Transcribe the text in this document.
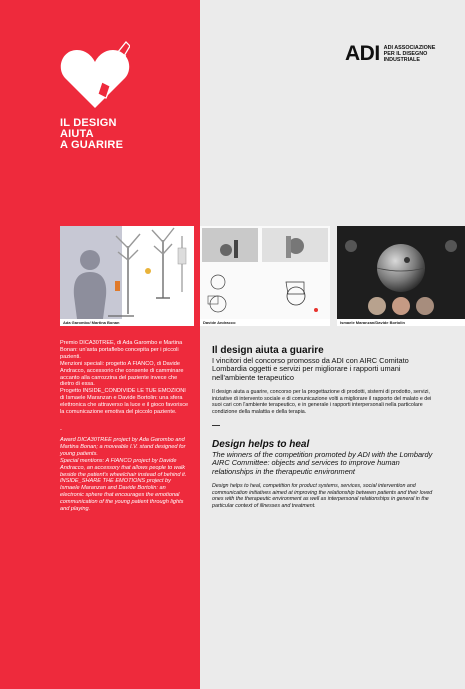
IL DESIGN
AIUTA
A GUARIRE
ADI ADI ASSOCIAZIONE
PER IL DISEGNO
INDUSTRIALE
Ada Garombo/ Martina Bonan	Davide Andracco	Ismaele Maranzan/Davide Bortolin

Premio DICA30TREE, di Ada Garombo e Martina Bonan: un'asta portaflebo concepita per i piccoli pazienti.

Menzioni speciali: progetto A FIANCO, di Davide Andracco, accessorio che consente di camminare accanto alla carrozzina del paziente invece che dietro di essa.

Progetto INSIDE_CONDIVIDE LE TUE EMOZIONI di Ismaele Maranzan e Davide Bortolin: una sfera elettronica che attraverso la luce e il gioco favorisce la comunicazione emotiva del piccolo paziente.

-

Award DICA30TREE project by Ada Garombo and Martina Bonan; a moveable I.V. stand designed for young patients.

Special mentions: A FIANCO project by Davide Andracco, an accessory that allows people to walk beside the patient's wheelchair instead of behind it.

INSIDE_SHARE THE EMOTIONS project by Ismaele Maranzan and Davide Bortolin: an electronic sphere that encourages the emotional communication of the young patient through lights and playing.

Il design aiuta a guarire
I vincitori del concorso promosso da ADI con AIRC Comitato Lombardia oggetti e servizi per migliorare i rapporti umani nell'ambiente terapeutico
Il design aiuta a guarire, concorso per la progettazione di prodotti, sistemi di prodotto, servizi, iniziative di intervento sociale e di comunicazione volti a migliorare il rapporto del malato e dei suoi cari con l'ambiente terapeutico, e in generale i rapporti interpersonali nella particolare condizione della malattia e della terapia.
Design helps to heal
The winners of the competition promoted by ADI with the Lombardy AIRC Committee: objects and services to improve human relationships in the therapeutic environment
Design helps to heal, competition for product systems, services, social intervention and communication initiatives aimed at improving the relationship between patients and their loved ones with the therapeutic environment as well as interpersonal relationships in general in the particular context of illnesses and treatment.
